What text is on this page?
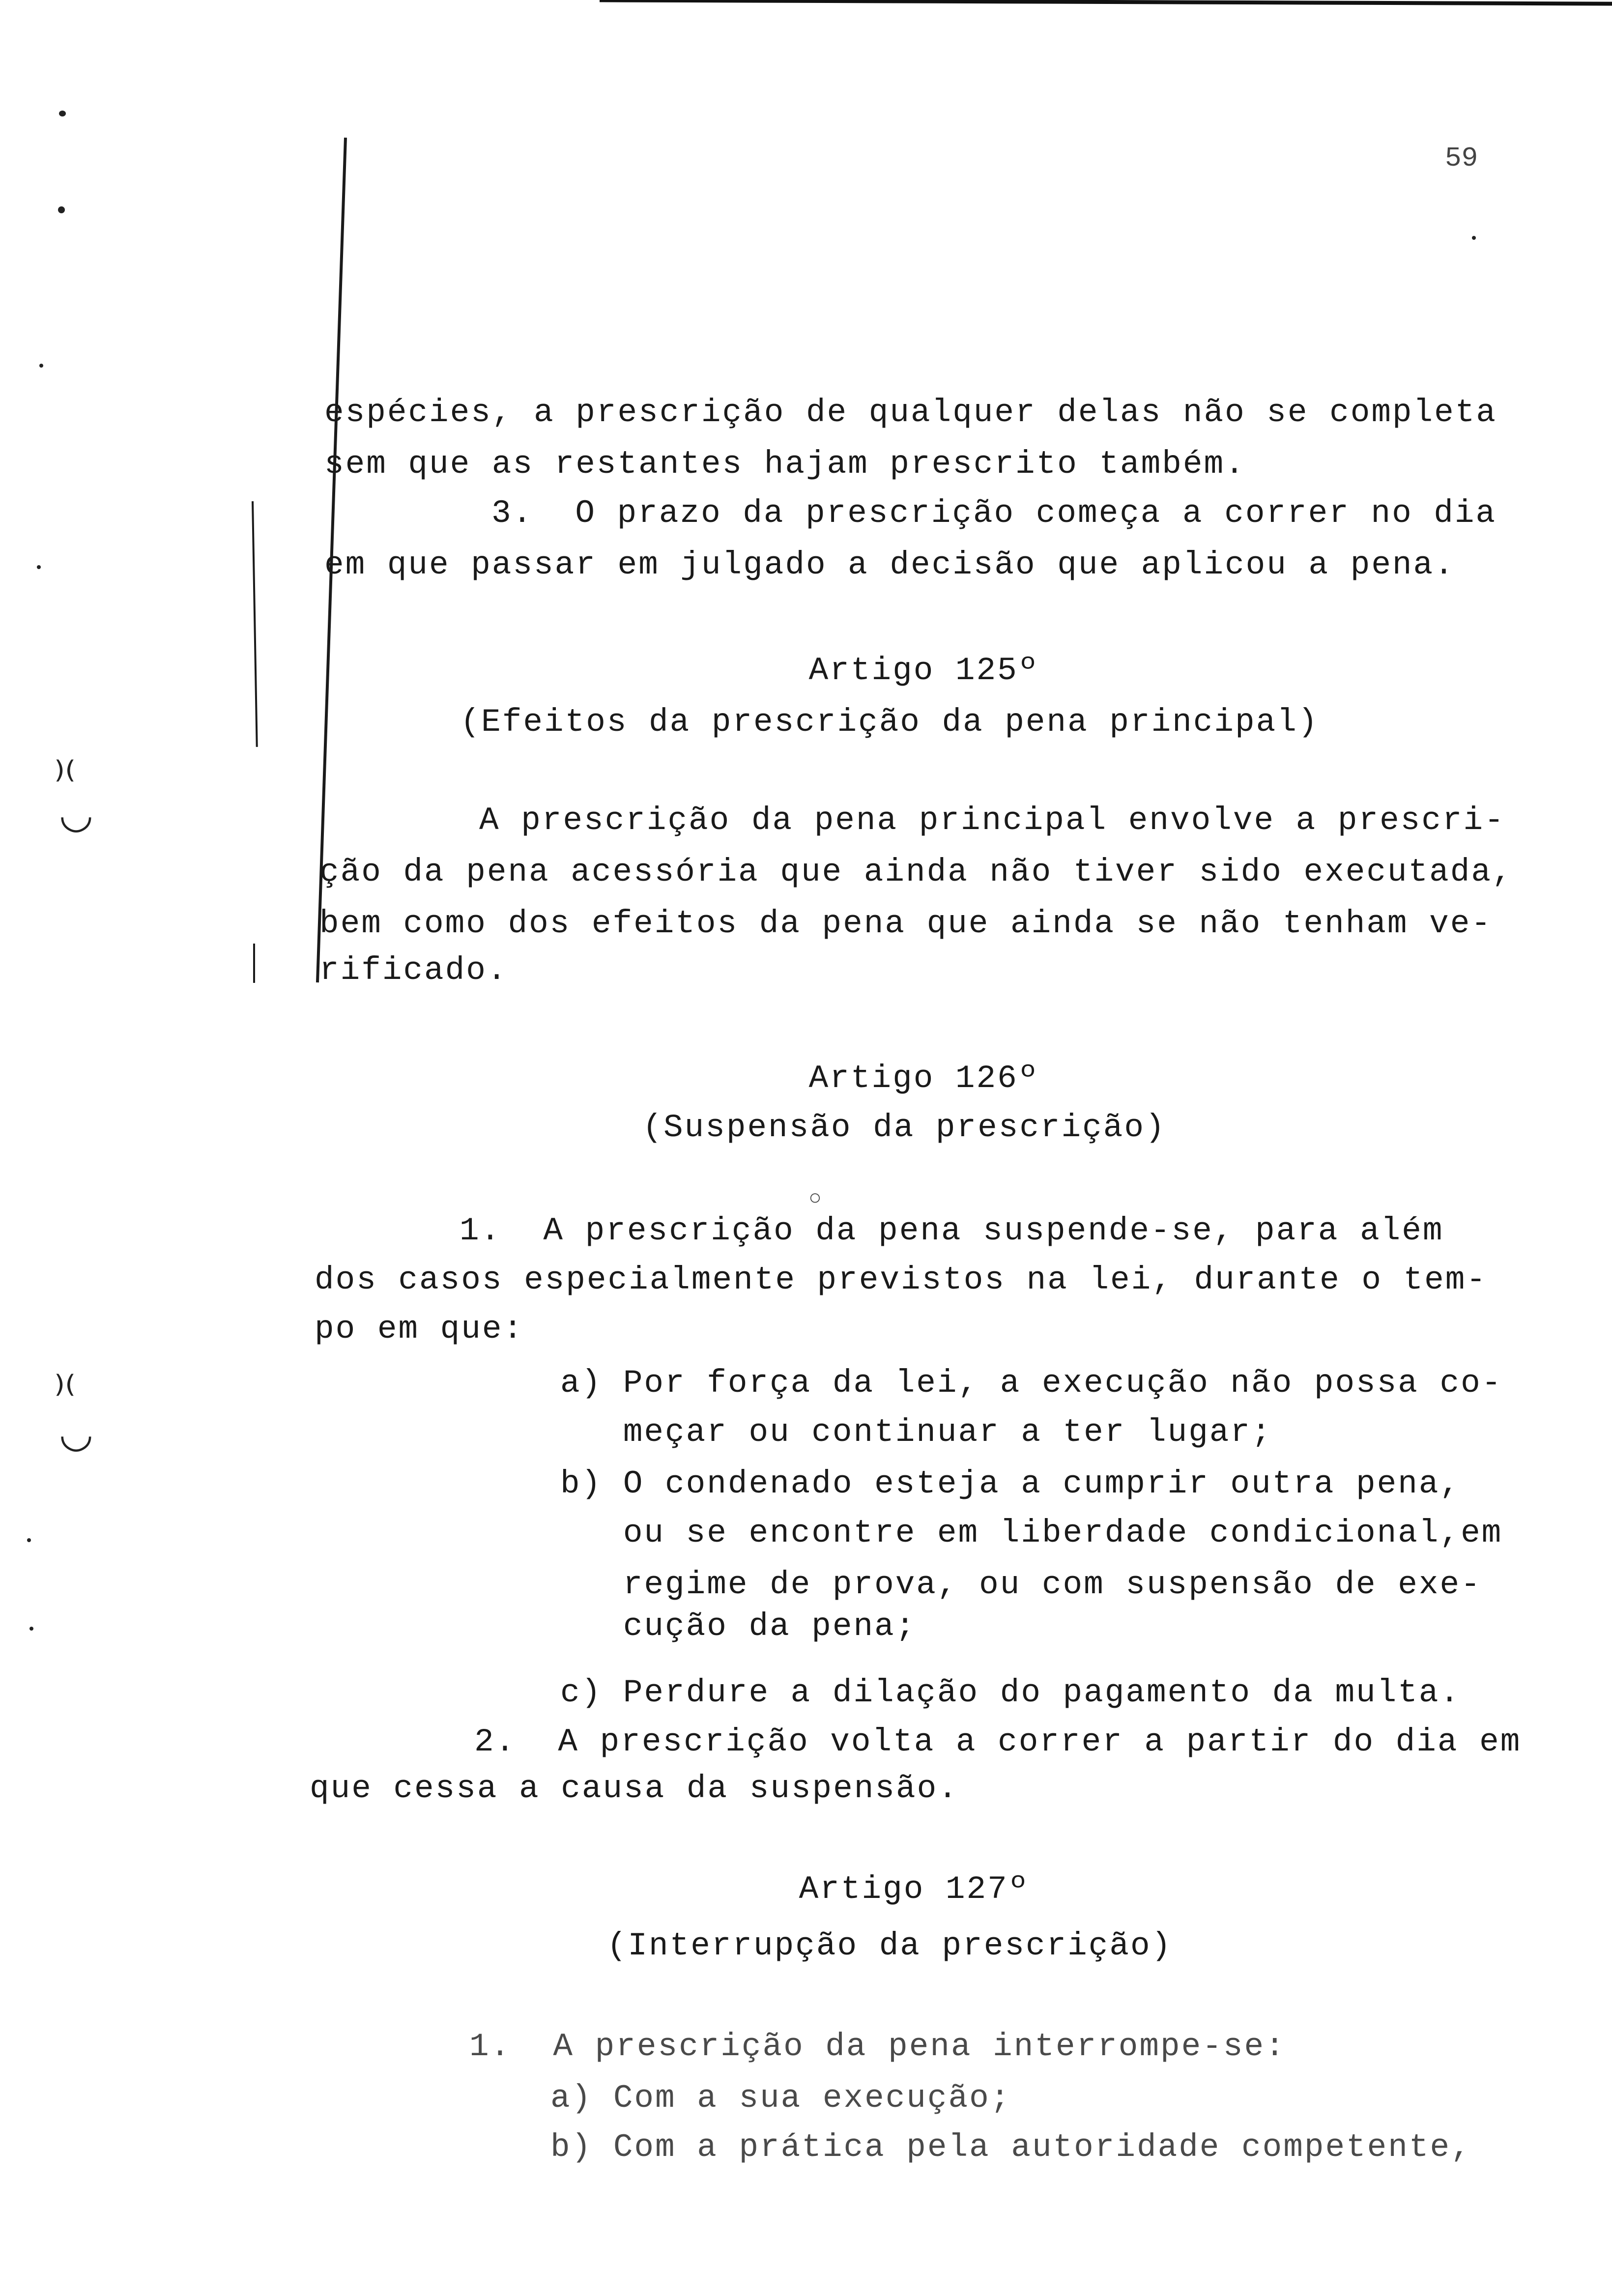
⁾⁽
◡
⁾⁽
◡
59
espécies, a prescrição de qualquer delas não se completa
sem que as restantes hajam prescrito também.
3.  O prazo da prescrição começa a correr no dia
em que passar em julgado a decisão que aplicou a pena.
Artigo 125º
(Efeitos da prescrição da pena principal)
A prescrição da pena principal envolve a prescri-
ção da pena acessória que ainda não tiver sido executada,
bem como dos efeitos da pena que ainda se não tenham ve-
rificado.
Artigo 126º
(Suspensão da prescrição)
○
1.  A prescrição da pena suspende-se, para além
dos casos especialmente previstos na lei, durante o tem-
po em que:
a) Por força da lei, a execução não possa co-
meçar ou continuar a ter lugar;
b) O condenado esteja a cumprir outra pena,
ou se encontre em liberdade condicional,em
regime de prova, ou com suspensão de exe-
cução da pena;
c) Perdure a dilação do pagamento da multa.
2.  A prescrição volta a correr a partir do dia em
que cessa a causa da suspensão.
Artigo 127º
(Interrupção da prescrição)
1.  A prescrição da pena interrompe-se:
a) Com a sua execução;
b) Com a prática pela autoridade competente,
